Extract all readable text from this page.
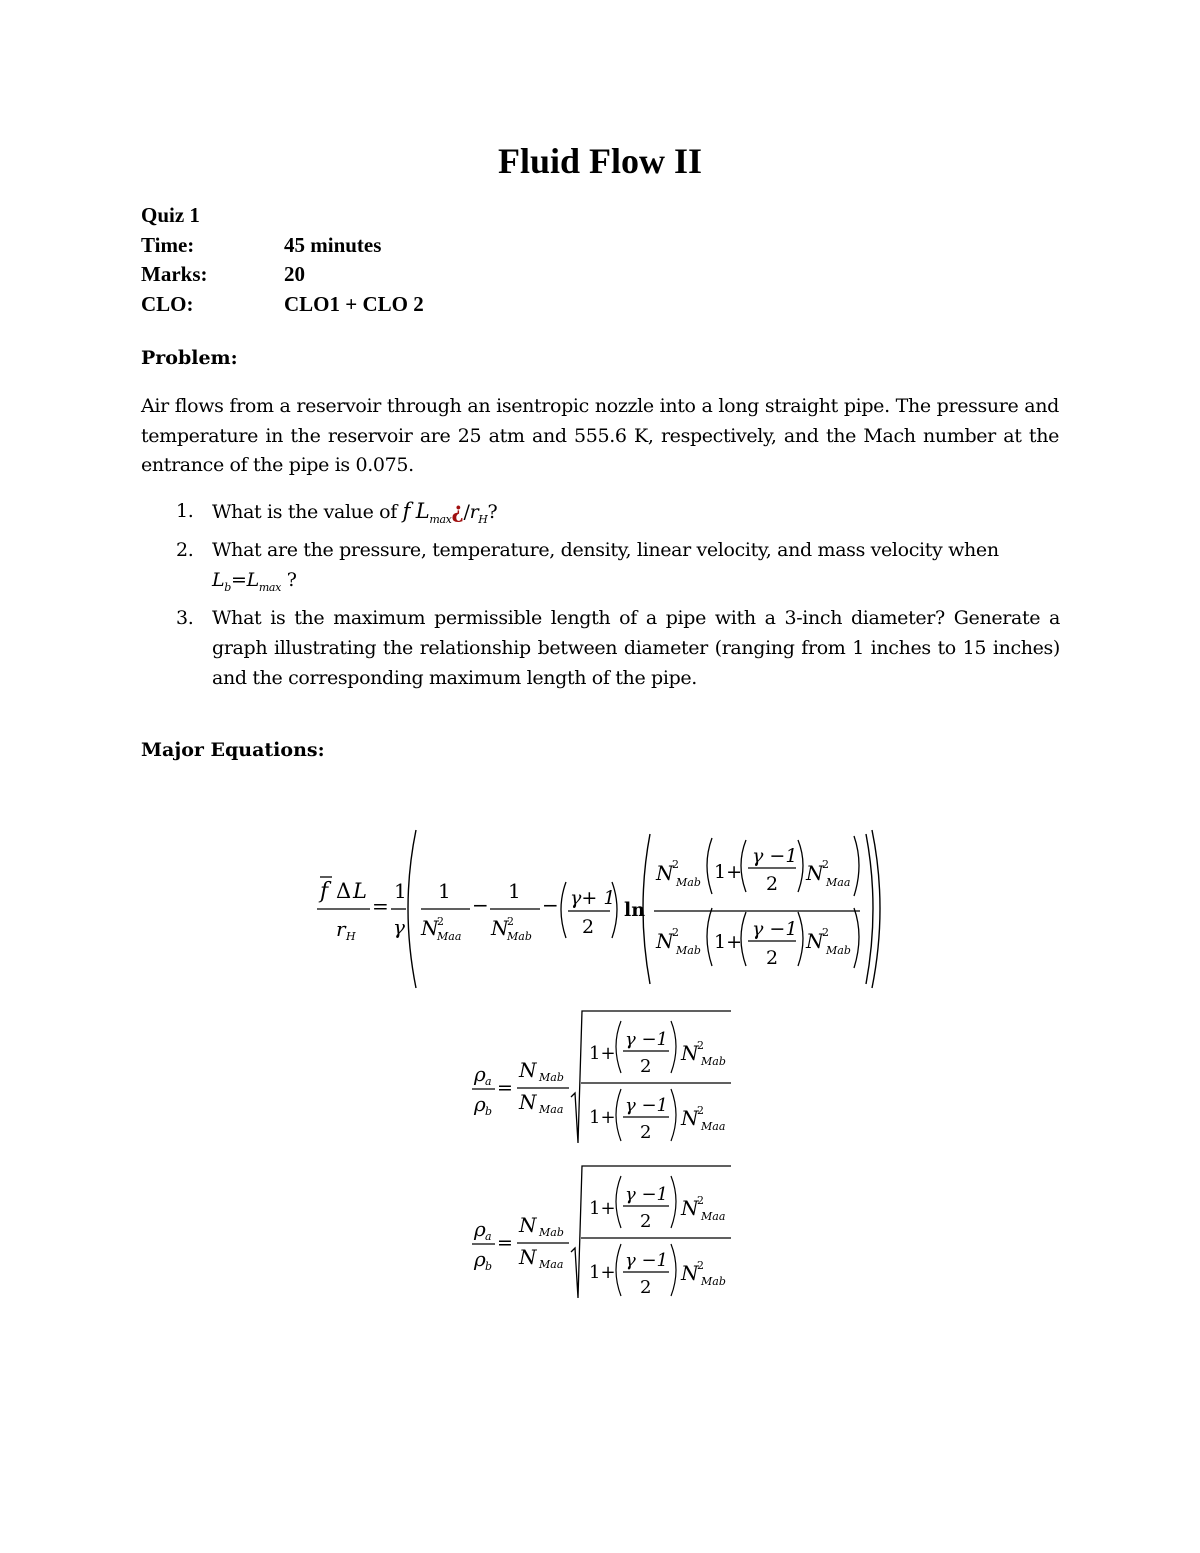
Fluid Flow II
Quiz 1
Time:	45 minutes
Marks:	20
CLO:	CLO1 + CLO 2
Problem:
Air flows from a reservoir through an isentropic nozzle into a long straight pipe. The pressure and temperature in the reservoir are 25 atm and 555.6 K, respectively, and the Mach number at the entrance of the pipe is 0.075.
1. What is the value of f $L_{max}¿/r_H$?
2. What are the pressure, temperature, density, linear velocity, and mass velocity when
$L_b=L_{max}$ ?
3. What is the maximum permissible length of a pipe with a 3-inch diameter? Generate a graph illustrating the relationship between diameter (ranging from 1 inches to 15 inches) and the corresponding maximum length of the pipe.
Major Equations:
f Δ L
r H
=
1
γ
1
N
2
Maa
−
1
N
2
Mab
− γ+ 1
2
ln
N
2
Mab 1+
γ −1
2 N
2
Maa
N
2
Mab 1+
γ −1
2
N
2
Mab
ρ a
ρ b
=
N Mab
N Maa
1+
γ −1
2
N
2
Mab
1+
γ −1
2
N
2
Maa
ρ a
ρ b
=
N Mab
N Maa
1+
γ −1
2
N
2
Maa
1+
γ −1
2
N
2
Mab
